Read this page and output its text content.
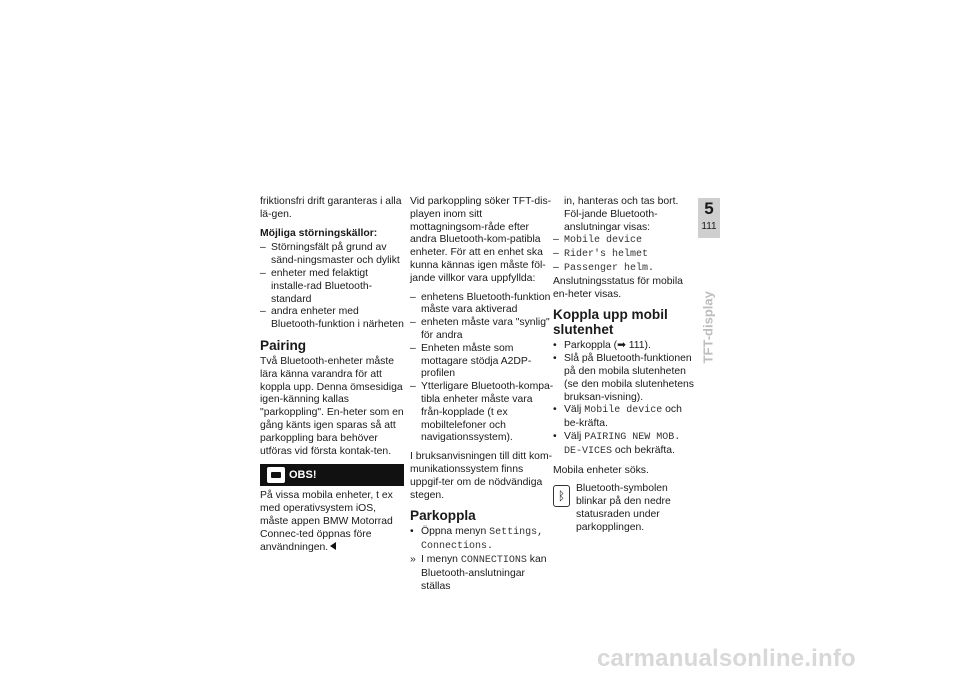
friktionsfri drift garanteras i alla lä-gen.

Möjliga störningskällor:
– Störningsfält på grund av sänd-ningsmaster och dylikt
– enheter med felaktigt installe-rad Bluetooth-standard
– andra enheter med Bluetooth-funktion i närheten
Pairing

Två Bluetooth-enheter måste lära känna varandra för att koppla upp. Denna ömsesidiga igen-känning kallas "parkoppling". En-heter som en gång känts igen sparas så att parkoppling bara behöver utföras vid första kontak-ten.

OBS!

På vissa mobila enheter, t ex med operativsystem iOS, måste appen BMW Motorrad Connec-ted öppnas före användningen.

Vid parkoppling söker TFT-dis-playen inom sitt mottagningsom-råde efter andra Bluetooth-kom-patibla enheter. För att en enhet ska kunna kännas igen måste föl-jande villkor vara uppfyllda:

– enhetens Bluetooth-funktion måste vara aktiverad
– enheten måste vara "synlig" för andra
– Enheten måste som mottagare stödja A2DP-profilen
– Ytterligare Bluetooth-kompa-tibla enheter måste vara från-kopplade (t ex mobiltelefoner och navigationssystem).

I bruksanvisningen till ditt kom-munikationssystem finns uppgif-ter om de nödvändiga stegen.

Parkoppla
• Öppna menyn Settings, Connections.
» I menyn CONNECTIONS kan Bluetooth-anslutningar ställas

in, hanteras och tas bort. Föl-jande Bluetooth-anslutningar visas:

– Mobile device
– Rider's helmet
– Passenger helm.

Anslutningsstatus för mobila en-heter visas.

Koppla upp mobil slutenhet
• Parkoppla (➡ 111).
• Slå på Bluetooth-funktionen på den mobila slutenheten (se den mobila slutenhetens bruksan-visning).
• Välj Mobile device och be-kräfta.
• Välj PAIRING NEW MOB. DE-VICES och bekräfta.

Mobila enheter söks.

ᛒ
Bluetooth-symbolen blinkar på den nedre statusraden under parkopplingen.
5
111
TFT-display
carmanualsonline.info
